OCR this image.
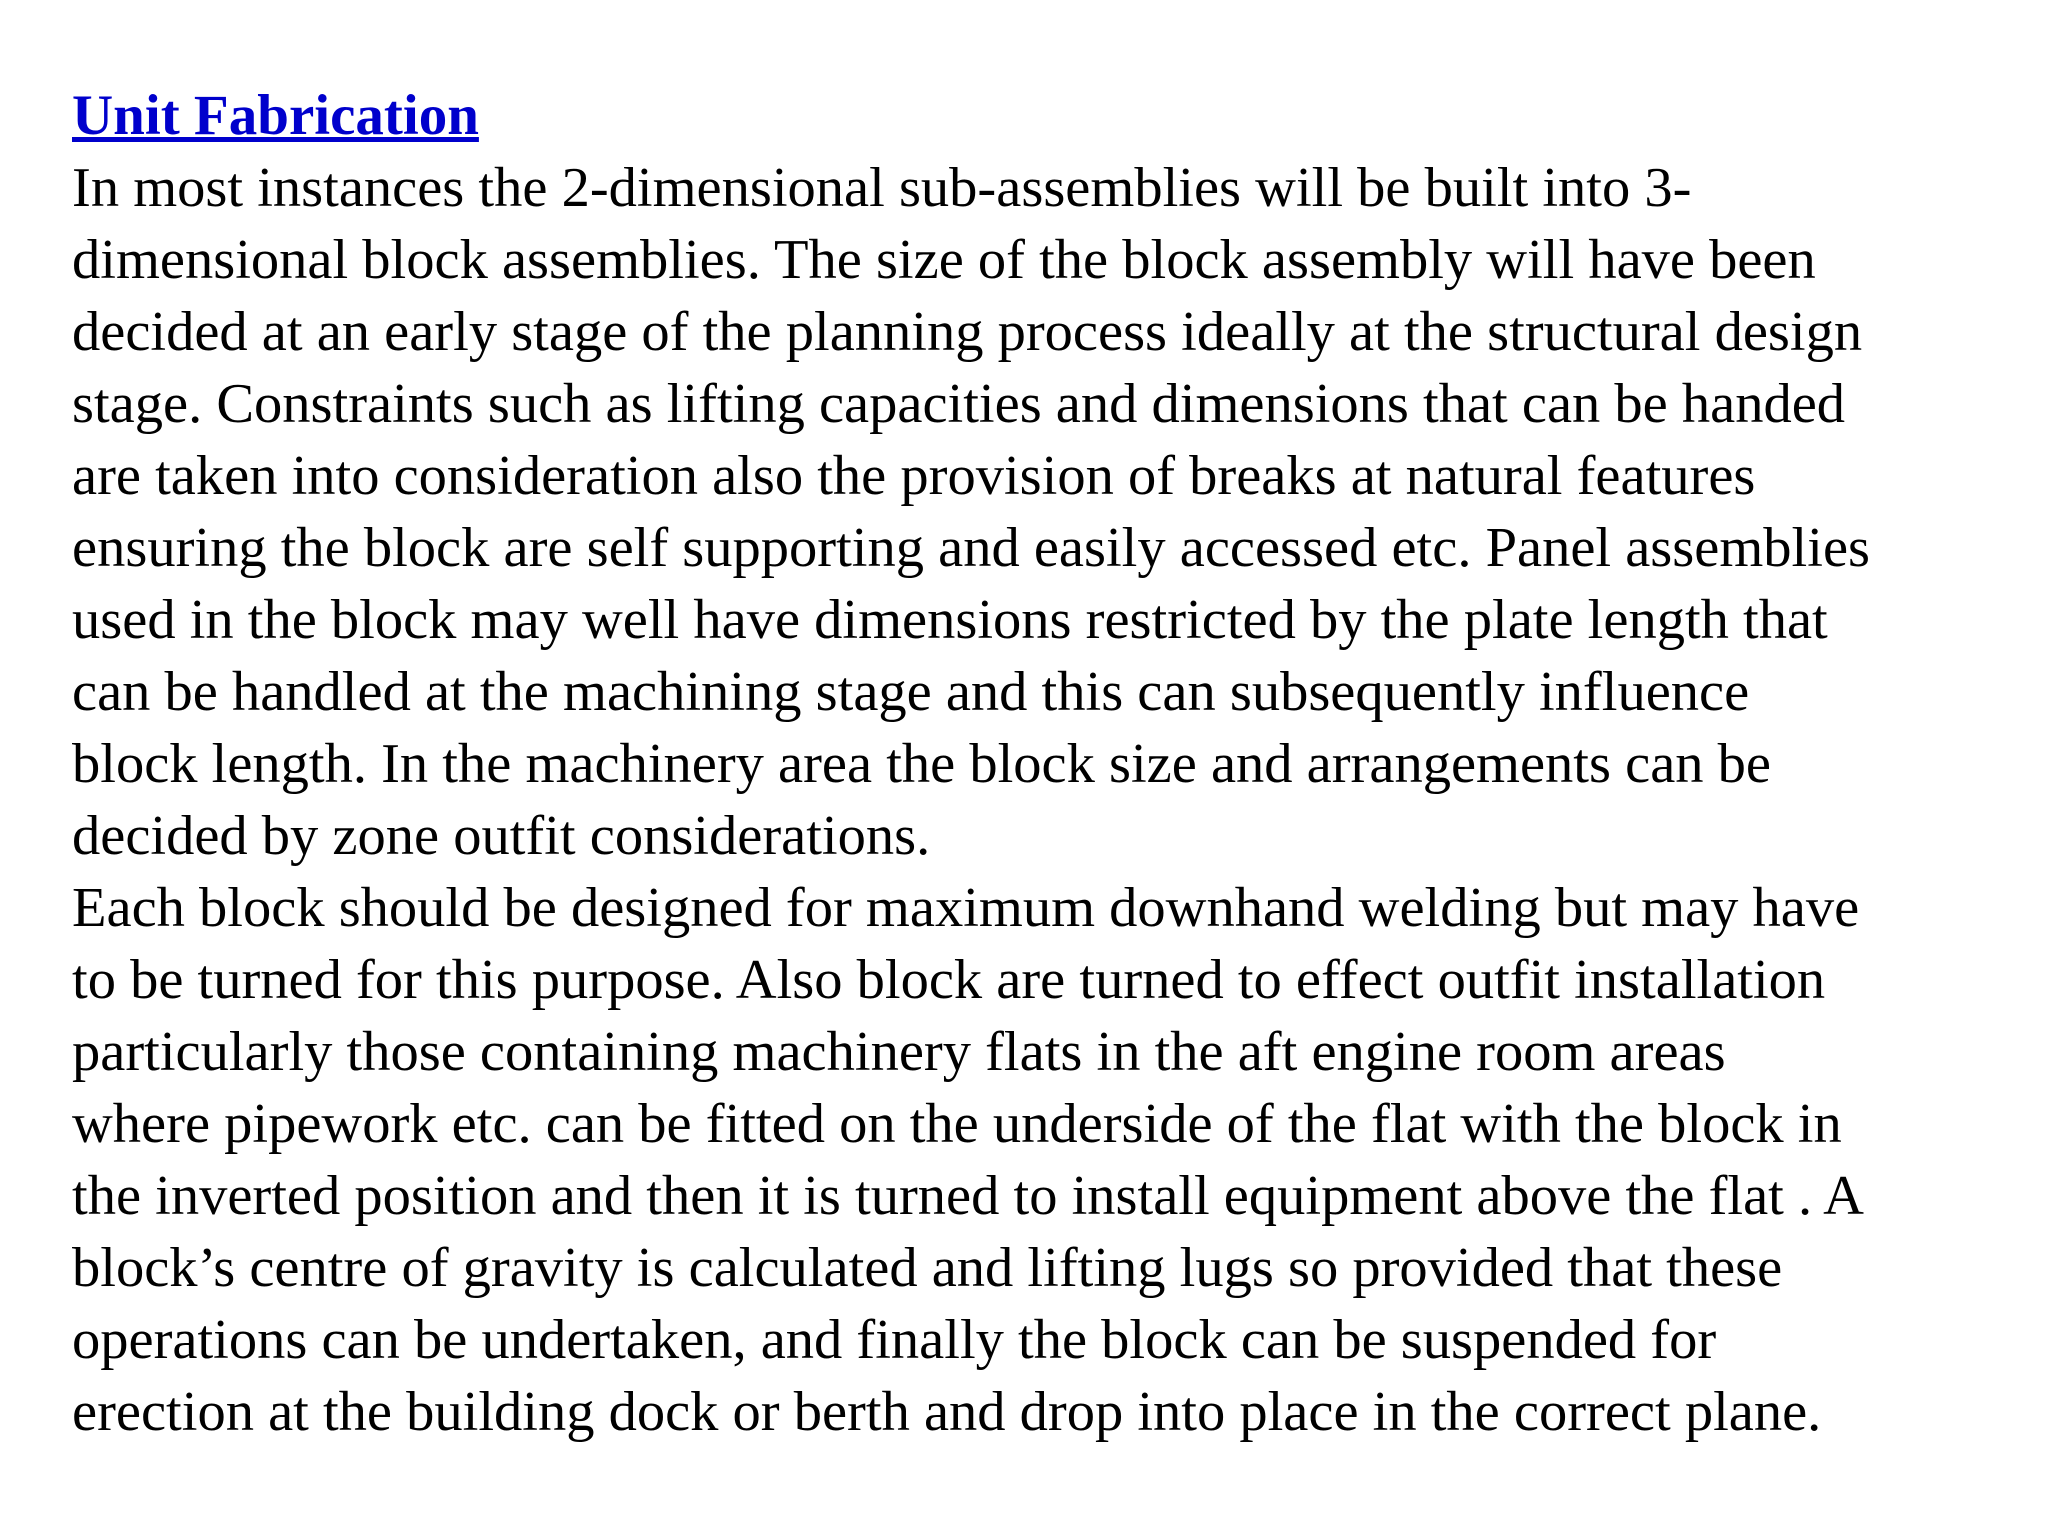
Unit Fabrication
In most instances the 2-dimensional sub-assemblies will be built into 3-
dimensional block assemblies. The size of the block assembly will have been
decided at an early stage of the planning process ideally at the structural design
stage. Constraints such as lifting capacities and dimensions that can be handed
are taken into consideration also the provision of breaks at natural features
ensuring the block are self supporting and easily accessed etc. Panel assemblies
used in the block may well have dimensions restricted by the plate length that
can be handled at the machining stage and this can subsequently influence
block length. In the machinery area the block size and arrangements can be
decided by zone outfit considerations.
Each block should be designed for maximum downhand welding but may have
to be turned for this purpose. Also block are turned to effect outfit installation
particularly those containing machinery flats in the aft engine room areas
where pipework etc. can be fitted on the underside of the flat with the block in
the inverted position and then it is turned to install equipment above the flat . A
block’s centre of gravity is calculated and lifting lugs so provided that these
operations can be undertaken, and finally the block can be suspended for
erection at the building dock or berth and drop into place in the correct plane.
